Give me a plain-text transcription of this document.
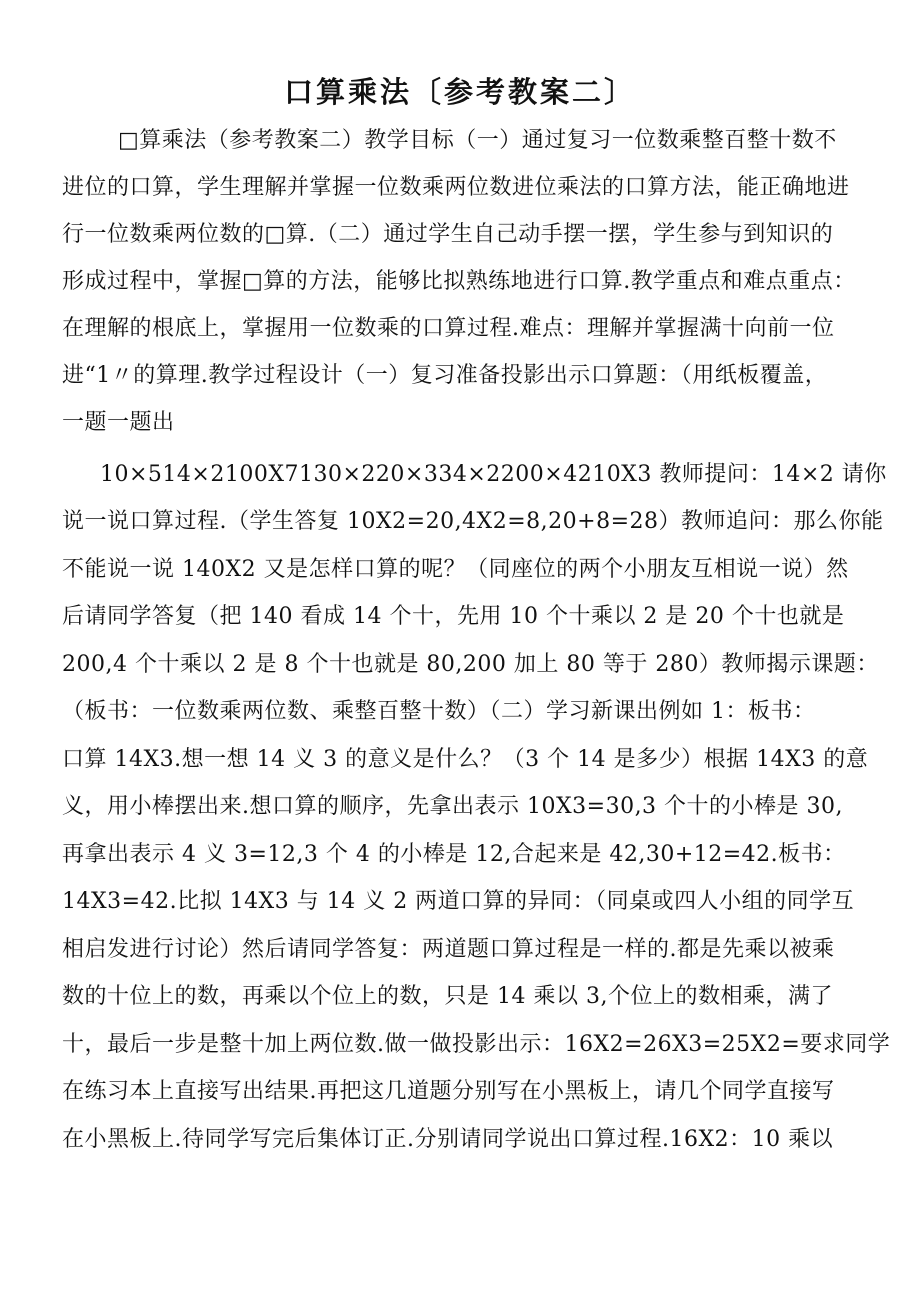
口算乘法〔参考教案二〕
□算乘法（参考教案二）教学目标（一）通过复习一位数乘整百整十数不
进位的口算，学生理解并掌握一位数乘两位数进位乘法的口算方法，能正确地进
行一位数乘两位数的□算.（二）通过学生自己动手摆一摆，学生参与到知识的
形成过程中，掌握□算的方法，能够比拟熟练地进行口算.教学重点和难点重点：
在理解的根底上，掌握用一位数乘的口算过程.难点：理解并掌握满十向前一位
进“1〃的算理.教学过程设计（一）复习准备投影出示口算题：（用纸板覆盖，
一题一题出
10×514×2100X7130×220×334×2200×4210X3 教师提问：14×2 请你
说一说口算过程.（学生答复 10X2=20,4X2=8,20+8=28）教师追问：那么你能
不能说一说 140X2 又是怎样口算的呢？（同座位的两个小朋友互相说一说）然
后请同学答复（把 140 看成 14 个十，先用 10 个十乘以 2 是 20 个十也就是
200,4 个十乘以 2 是 8 个十也就是 80,200 加上 80 等于 280）教师揭示课题：
（板书：一位数乘两位数、乘整百整十数）（二）学习新课出例如 1：板书：
口算 14X3.想一想 14 义 3 的意义是什么？（3 个 14 是多少）根据 14X3 的意
义，用小棒摆出来.想口算的顺序，先拿出表示 10X3=30,3 个十的小棒是 30,
再拿出表示 4 义 3=12,3 个 4 的小棒是 12,合起来是 42,30+12=42.板书：
14X3=42.比拟 14X3 与 14 义 2 两道口算的异同：（同桌或四人小组的同学互
相启发进行讨论）然后请同学答复：两道题口算过程是一样的.都是先乘以被乘
数的十位上的数，再乘以个位上的数，只是 14 乘以 3,个位上的数相乘，满了
十，最后一步是整十加上两位数.做一做投影出示：16X2=26X3=25X2=要求同学
在练习本上直接写出结果.再把这几道题分别写在小黑板上，请几个同学直接写
在小黑板上.待同学写完后集体订正.分别请同学说出口算过程.16X2：10 乘以
